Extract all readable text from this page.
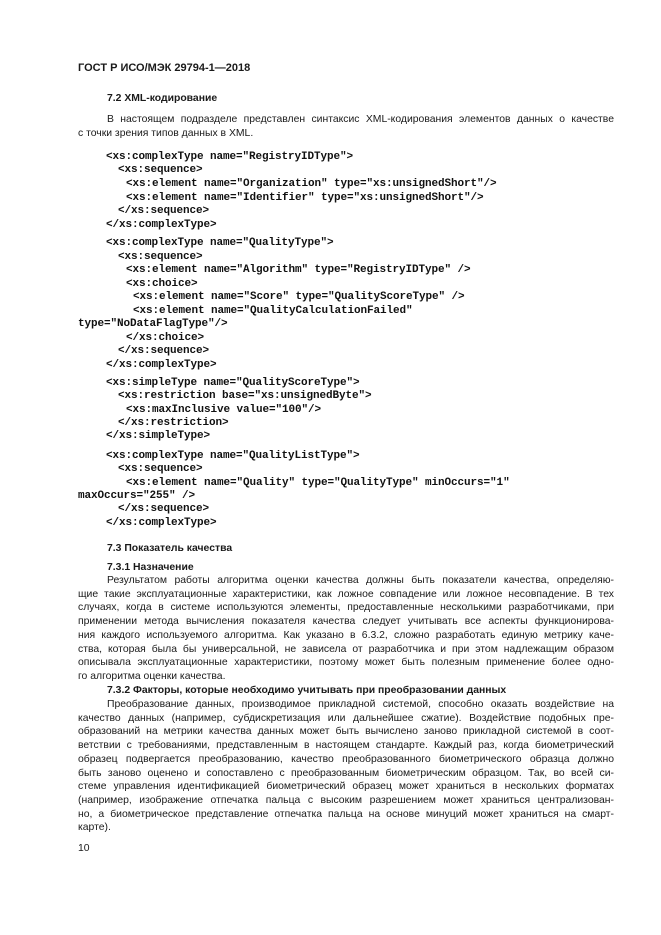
ГОСТ Р ИСО/МЭК 29794-1—2018
7.2 XML-кодирование
В настоящем подразделе представлен синтаксис XML-кодирования элементов данных о качестве
с точки зрения типов данных в XML.
<xs:complexType name="RegistryIDType">
<xs:sequence>
<xs:element name="Organization" type="xs:unsignedShort"/>
<xs:element name="Identifier" type="xs:unsignedShort"/>
</xs:sequence>
</xs:complexType>
<xs:complexType name="QualityType">
<xs:sequence>
<xs:element name="Algorithm" type="RegistryIDType" />
<xs:choice>
<xs:element name="Score" type="QualityScoreType" />
<xs:element name="QualityCalculationFailed"
type="NoDataFlagType"/>
</xs:choice>
</xs:sequence>
</xs:complexType>
<xs:simpleType name="QualityScoreType">
<xs:restriction base="xs:unsignedByte">
<xs:maxInclusive value="100"/>
</xs:restriction>
</xs:simpleType>
<xs:complexType name="QualityListType">
<xs:sequence>
<xs:element name="Quality" type="QualityType" minOccurs="1"
maxOccurs="255" />
</xs:sequence>
</xs:complexType>
7.3 Показатель качества
7.3.1 Назначение
Результатом работы алгоритма оценки качества должны быть показатели качества, определяю-
щие такие эксплуатационные характеристики, как ложное совпадение или ложное несовпадение. В тех
случаях, когда в системе используются элементы, предоставленные несколькими разработчиками, при
применении метода вычисления показателя качества следует учитывать все аспекты функционирова-
ния каждого используемого алгоритма. Как указано в 6.3.2, сложно разработать единую метрику каче-
ства, которая была бы универсальной, не зависела от разработчика и при этом надлежащим образом
описывала эксплуатационные характеристики, поэтому может быть полезным применение более одно-
го алгоритма оценки качества.
7.3.2 Факторы, которые необходимо учитывать при преобразовании данных
Преобразование данных, производимое прикладной системой, способно оказать воздействие на
качество данных (например, субдискретизация или дальнейшее сжатие). Воздействие подобных пре-
образований на метрики качества данных может быть вычислено заново прикладной системой в соот-
ветствии с требованиями, представленным в настоящем стандарте. Каждый раз, когда биометрический
образец подвергается преобразованию, качество преобразованного биометрического образца должно
быть заново оценено и сопоставлено с преобразованным биометрическим образцом. Так, во всей си-
стеме управления идентификацией биометрический образец может храниться в нескольких форматах
(например, изображение отпечатка пальца с высоким разрешением может храниться централизован-
но, а биометрическое представление отпечатка пальца на основе минуций может храниться на смарт-
карте).
10
